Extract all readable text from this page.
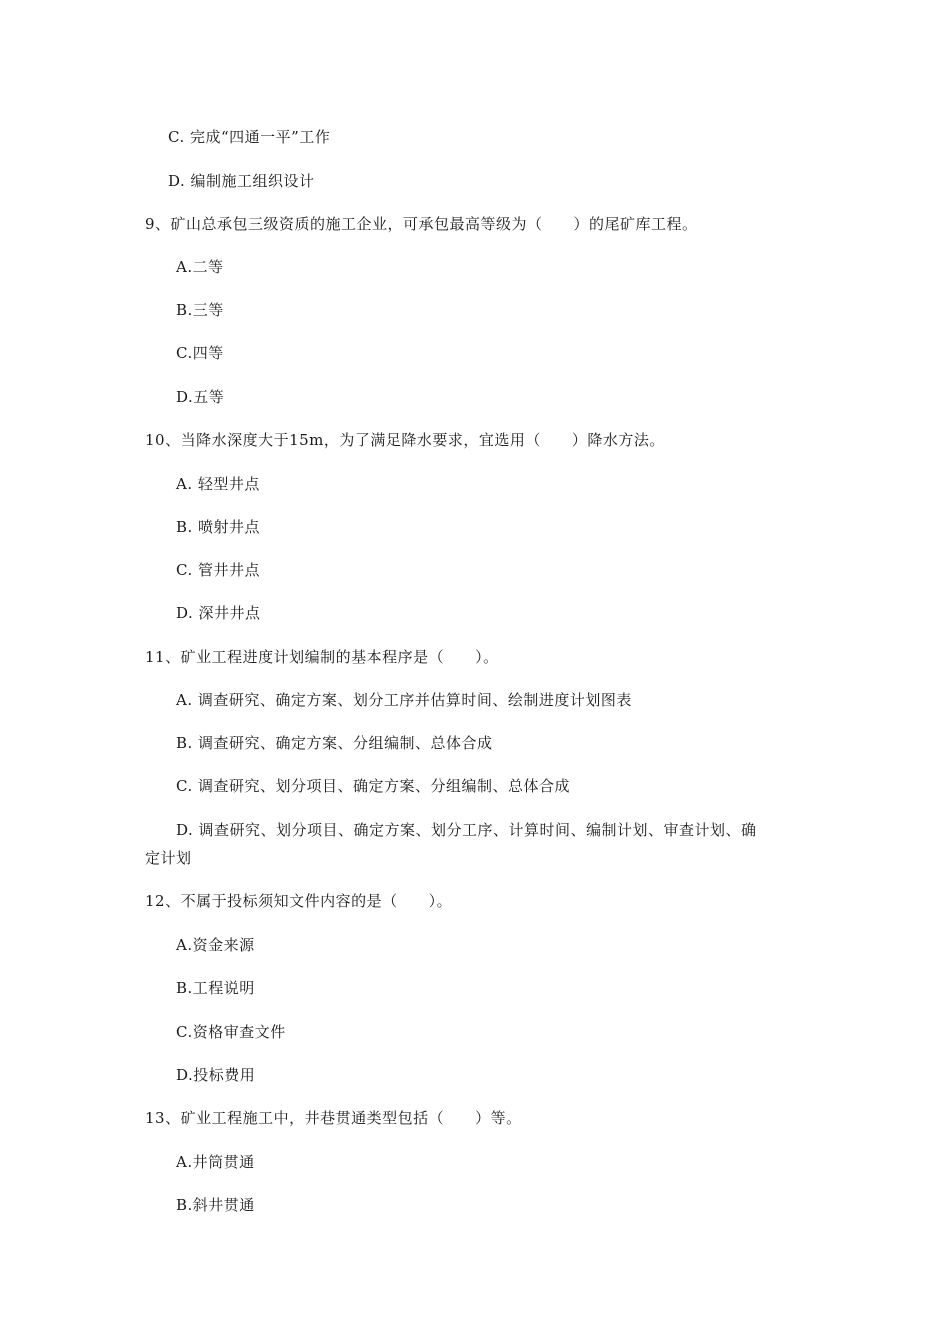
C. 完成“四通一平”工作
D. 编制施工组织设计
9、矿山总承包三级资质的施工企业，可承包最高等级为（　　）的尾矿库工程。
A.二等
B.三等
C.四等
D.五等
10、当降水深度大于15m，为了满足降水要求，宜选用（　　）降水方法。
A. 轻型井点
B. 喷射井点
C. 管井井点
D. 深井井点
11、矿业工程进度计划编制的基本程序是（　　）。
A. 调查研究、确定方案、划分工序并估算时间、绘制进度计划图表
B. 调查研究、确定方案、分组编制、总体合成
C. 调查研究、划分项目、确定方案、分组编制、总体合成
D. 调查研究、划分项目、确定方案、划分工序、计算时间、编制计划、审查计划、确
定计划
12、不属于投标须知文件内容的是（　　）。
A.资金来源
B.工程说明
C.资格审查文件
D.投标费用
13、矿业工程施工中，井巷贯通类型包括（　　）等。
A.井筒贯通
B.斜井贯通
